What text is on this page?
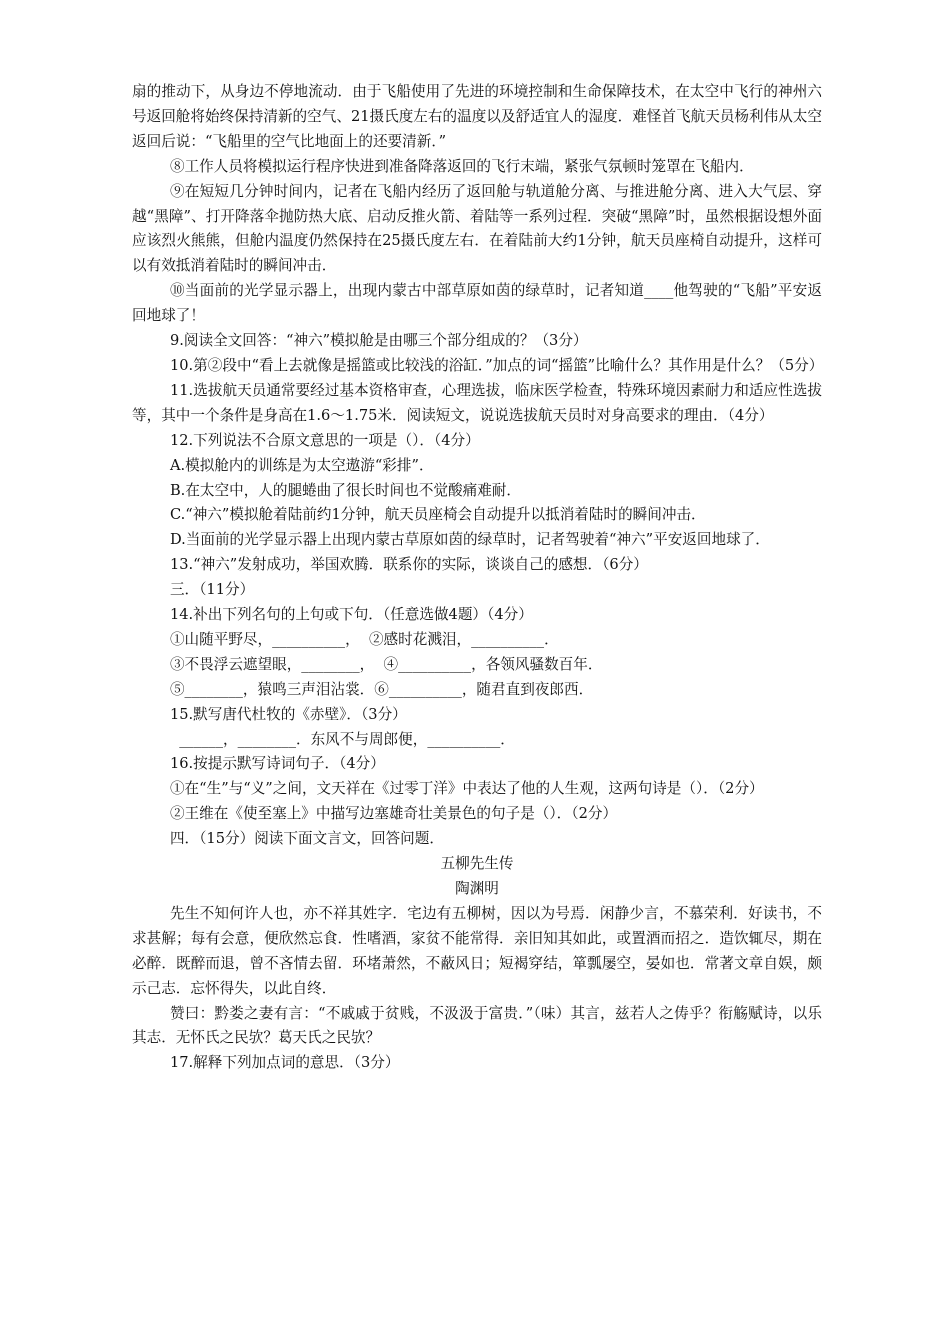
扇的推动下，从身边不停地流动．由于飞船使用了先进的环境控制和生命保障技术，在太空中飞行的神州六号返回舱将始终保持清新的空气、21摄氏度左右的温度以及舒适宜人的湿度．难怪首飞航天员杨利伟从太空返回后说：“飞船里的空气比地面上的还要清新．”

⑧工作人员将模拟运行程序快进到准备降落返回的飞行末端，紧张气氛顿时笼罩在飞船内．

⑨在短短几分钟时间内，记者在飞船内经历了返回舱与轨道舱分离、与推进舱分离、进入大气层、穿越“黑障”、打开降落伞抛防热大底、启动反推火箭、着陆等一系列过程．突破“黑障”时，虽然根据设想外面应该烈火熊熊，但舱内温度仍然保持在25摄氏度左右．在着陆前大约1分钟，航天员座椅自动提升，这样可以有效抵消着陆时的瞬间冲击．

⑩当面前的光学显示器上，出现内蒙古中部草原如茵的绿草时，记者知道____他驾驶的“飞船”平安返回地球了！

9.阅读全文回答：“神六”模拟舱是由哪三个部分组成的？（3分）

10.第②段中“看上去就像是摇篮或比较浅的浴缸．”加点的词“摇篮”比喻什么？其作用是什么？（5分）

11.选拔航天员通常要经过基本资格审查，心理选拔，临床医学检查，特殊环境因素耐力和适应性选拔等，其中一个条件是身高在1.6～1.75米．阅读短文，说说选拔航天员时对身高要求的理由．（4分）

12.下列说法不合原文意思的一项是（）．（4分）

A.模拟舱内的训练是为太空遨游“彩排”．

B.在太空中，人的腿蜷曲了很长时间也不觉酸痛难耐．

C.“神六”模拟舱着陆前约1分钟，航天员座椅会自动提升以抵消着陆时的瞬间冲击．

D.当面前的光学显示器上出现内蒙古草原如茵的绿草时，记者驾驶着“神六”平安返回地球了．

13.“神六”发射成功，举国欢腾．联系你的实际，谈谈自己的感想．（6分）

三．（11分）

14.补出下列名句的上句或下句．（任意选做4题）（4分）

①山随平野尽，__________，  ②感时花溅泪，__________．

③不畏浮云遮望眼，________，  ④__________，各领风骚数百年．

⑤________，猿鸣三声泪沾裳．⑥__________，随君直到夜郎西．

15.默写唐代杜牧的《赤壁》．（3分）

______，________．东风不与周郎便，__________．

16.按提示默写诗词句子．（4分）

①在“生”与“义”之间，文天祥在《过零丁洋》中表达了他的人生观，这两句诗是（）．（2分）

②王维在《使至塞上》中描写边塞雄奇壮美景色的句子是（）．（2分）

四．（15分）阅读下面文言文，回答问题．

五柳先生传

陶渊明

先生不知何许人也，亦不祥其姓字．宅边有五柳树，因以为号焉．闲静少言，不慕荣利．好读书，不求甚解；每有会意，便欣然忘食．性嗜酒，家贫不能常得．亲旧知其如此，或置酒而招之．造饮辄尽，期在必醉．既醉而退，曾不吝情去留．环堵萧然，不蔽风日；短褐穿结，箪瓢屡空，晏如也．常著文章自娱，颇示己志．忘怀得失，以此自终．

赞曰：黔娄之妻有言：“不戚戚于贫贱，不汲汲于富贵．”（味）其言，兹若人之俦乎？衔觞赋诗，以乐其志．无怀氏之民欤？葛天氏之民欤？

17.解释下列加点词的意思．（3分）
